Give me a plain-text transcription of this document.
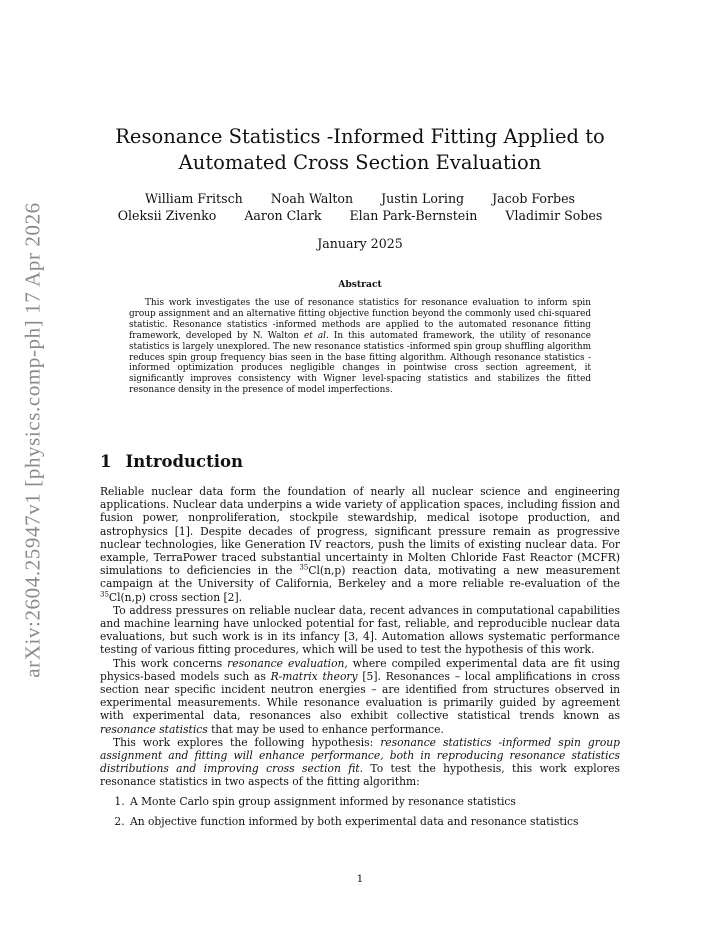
arXiv:2604.25947v1 [physics.comp-ph] 17 Apr 2026
Resonance Statistics -Informed Fitting Applied to
Automated Cross Section Evaluation
William Fritsch Noah Walton Justin Loring Jacob Forbes
Oleksii Zivenko Aaron Clark Elan Park-Bernstein Vladimir Sobes
January 2025
Abstract

This work investigates the use of resonance statistics for resonance evaluation to inform spin group assignment and an alternative fitting objective function beyond the commonly used chi-squared statistic. Resonance statistics -informed methods are applied to the automated resonance fitting framework, developed by N. Walton et al. In this automated framework, the utility of resonance statistics is largely unexplored. The new resonance statistics -informed spin group shuffling algorithm reduces spin group frequency bias seen in the base fitting algorithm. Although resonance statistics -informed optimization produces negligible changes in pointwise cross section agreement, it significantly improves consistency with Wigner level-spacing statistics and stabilizes the fitted resonance density in the presence of model imperfections.

1 Introduction

Reliable nuclear data form the foundation of nearly all nuclear science and engineering applications. Nuclear data underpins a wide variety of application spaces, including fission and fusion power, nonproliferation, stockpile stewardship, medical isotope production, and astrophysics [1]. Despite decades of progress, significant pressure remain as progressive nuclear technologies, like Generation IV reactors, push the limits of existing nuclear data. For example, TerraPower traced substantial uncertainty in Molten Chloride Fast Reactor (MCFR) simulations to deficiencies in the $^{35}$Cl(n,p) reaction data, motivating a new measurement campaign at the University of California, Berkeley and a more reliable re-evaluation of the $^{35}$Cl(n,p) cross section [2].

To address pressures on reliable nuclear data, recent advances in computational capabilities and machine learning have unlocked potential for fast, reliable, and reproducible nuclear data evaluations, but such work is in its infancy [3, 4]. Automation allows systematic performance testing of various fitting procedures, which will be used to test the hypothesis of this work.

This work concerns resonance evaluation, where compiled experimental data are fit using physics-based models such as R-matrix theory [5]. Resonances – local amplifications in cross section near specific incident neutron energies – are identified from structures observed in experimental measurements. While resonance evaluation is primarily guided by agreement with experimental data, resonances also exhibit collective statistical trends known as resonance statistics that may be used to enhance performance.

This work explores the following hypothesis: resonance statistics -informed spin group assignment and fitting will enhance performance, both in reproducing resonance statistics distributions and improving cross section fit. To test the hypothesis, this work explores resonance statistics in two aspects of the fitting algorithm:

1. A Monte Carlo spin group assignment informed by resonance statistics
2. An objective function informed by both experimental data and resonance statistics
1
